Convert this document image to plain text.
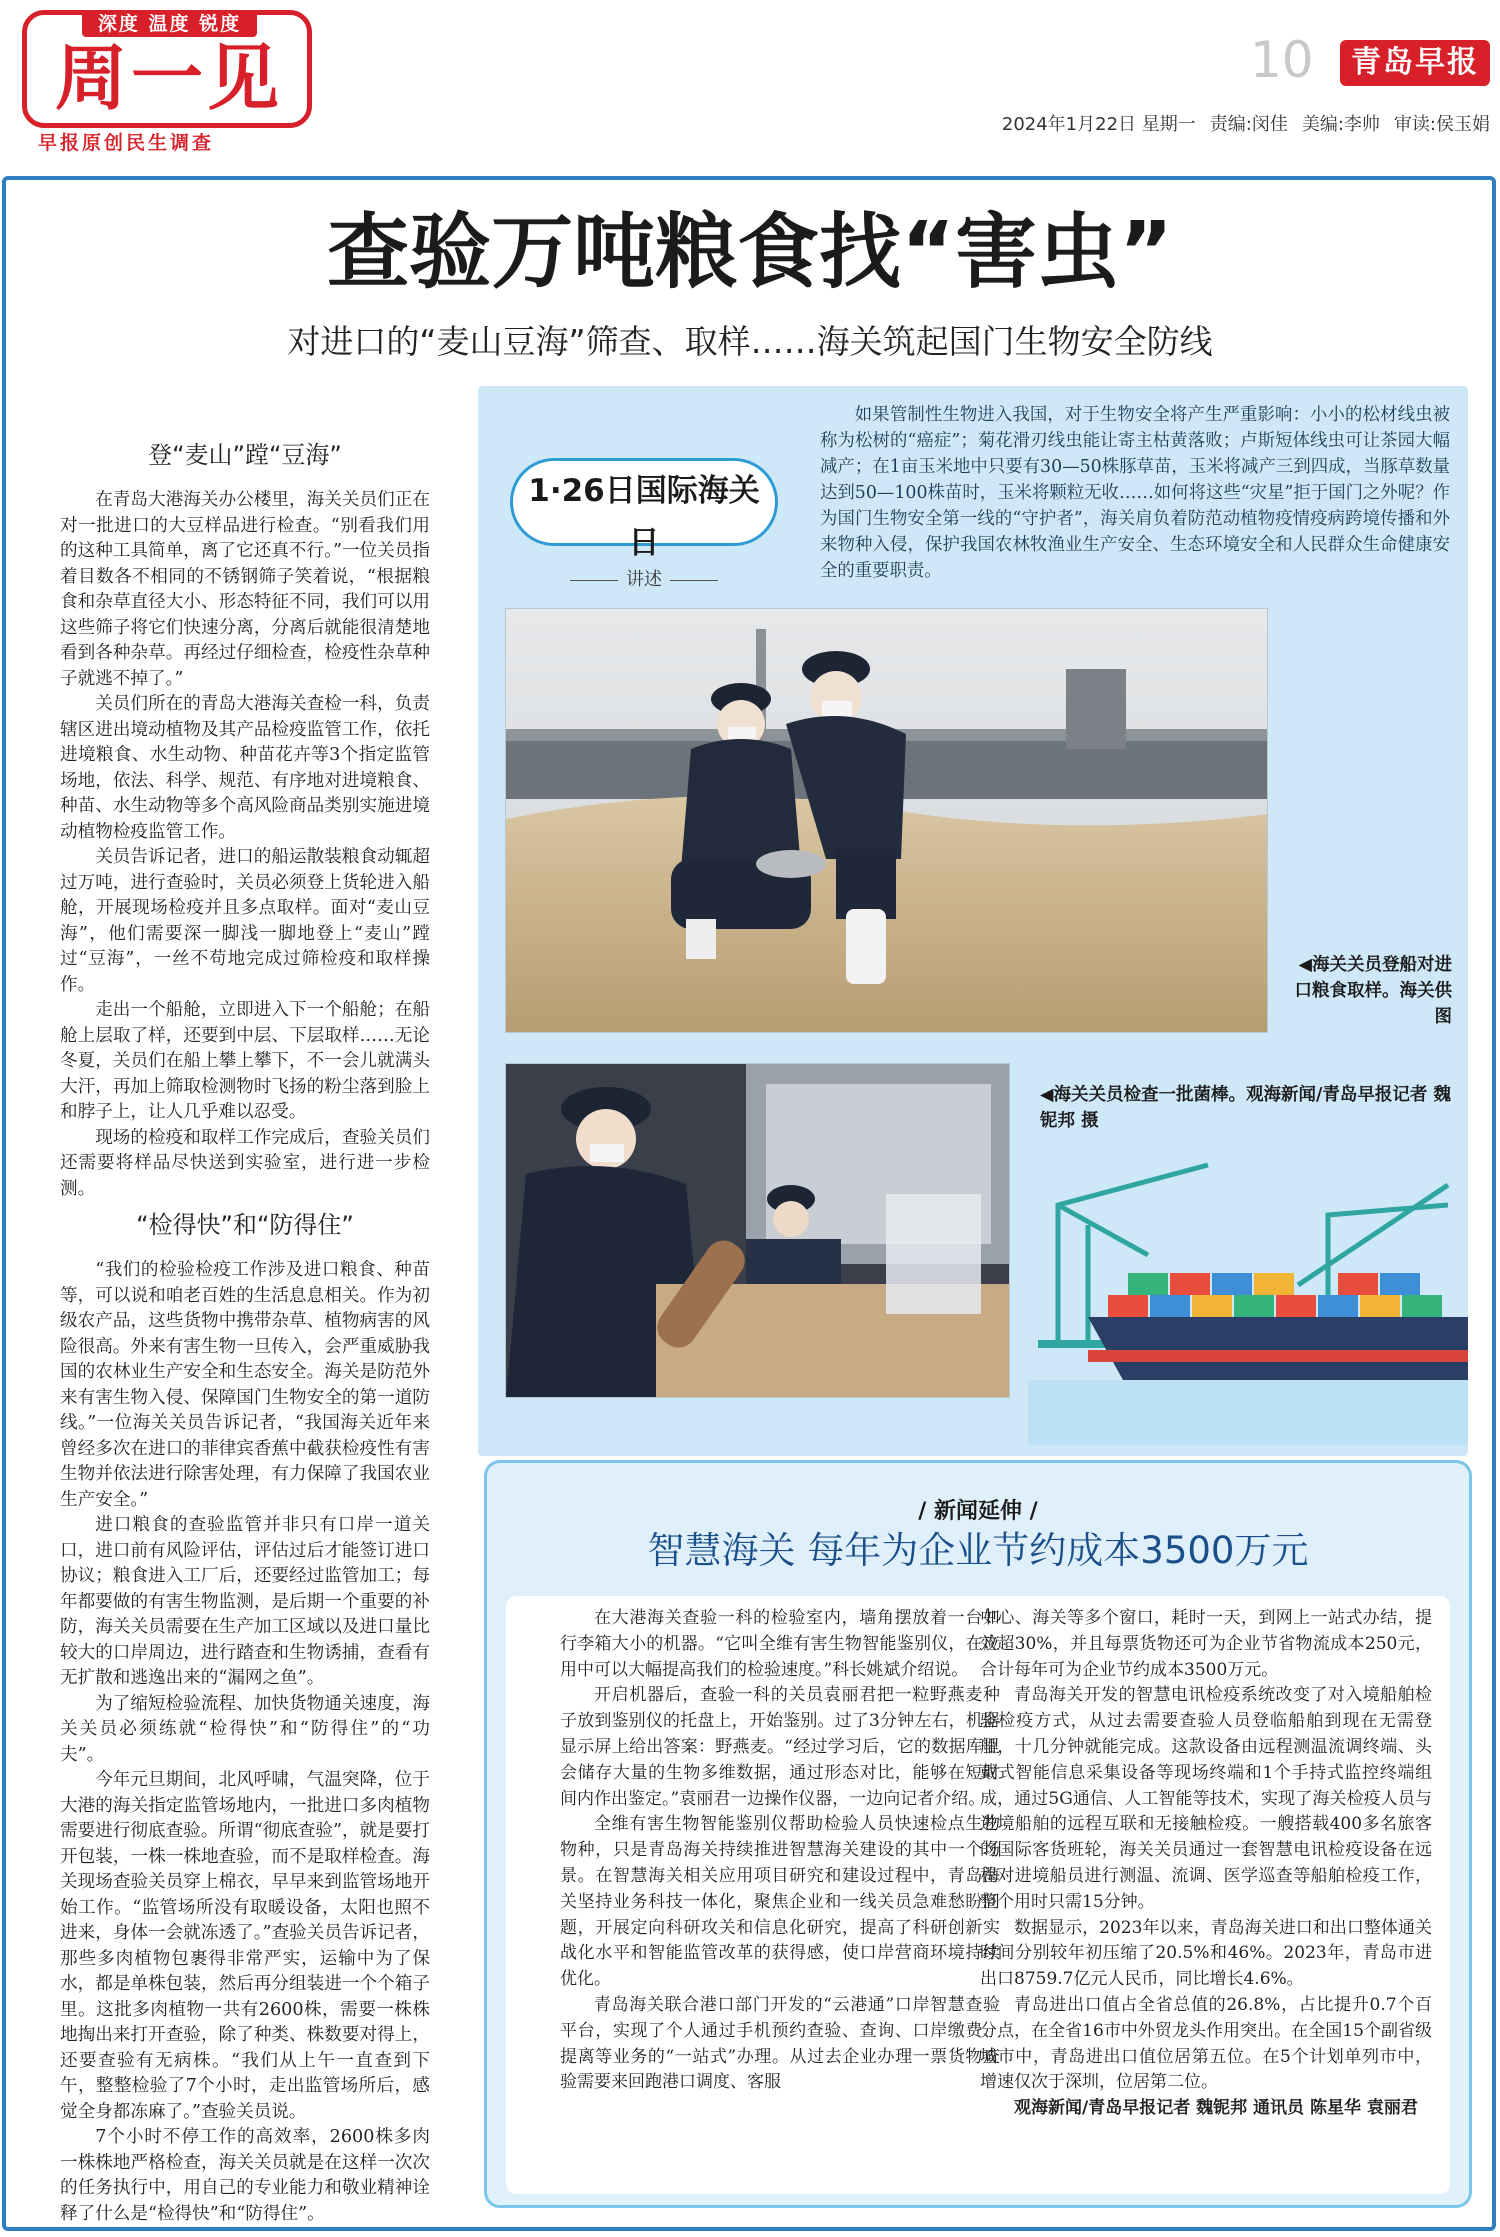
深度 温度 锐度
周一见
早报原创民生调查
10	青岛早报
2024年1月22日 星期一 责编:闵佳 美编:李帅 审读:侯玉娟
查验万吨粮食找“害虫”
对进口的“麦山豆海”筛查、取样……海关筑起国门生物安全防线
登“麦山”蹚“豆海”

在青岛大港海关办公楼里，海关关员们正在对一批进口的大豆样品进行检查。“别看我们用的这种工具简单，离了它还真不行。”一位关员指着目数各不相同的不锈钢筛子笑着说，“根据粮食和杂草直径大小、形态特征不同，我们可以用这些筛子将它们快速分离，分离后就能很清楚地看到各种杂草。再经过仔细检查，检疫性杂草种子就逃不掉了。”

关员们所在的青岛大港海关查检一科，负责辖区进出境动植物及其产品检疫监管工作，依托进境粮食、水生动物、种苗花卉等3个指定监管场地，依法、科学、规范、有序地对进境粮食、种苗、水生动物等多个高风险商品类别实施进境动植物检疫监管工作。

关员告诉记者，进口的船运散装粮食动辄超过万吨，进行查验时，关员必须登上货轮进入船舱，开展现场检疫并且多点取样。面对“麦山豆海”，他们需要深一脚浅一脚地登上“麦山”蹚过“豆海”，一丝不苟地完成过筛检疫和取样操作。

走出一个船舱，立即进入下一个船舱；在船舱上层取了样，还要到中层、下层取样……无论冬夏，关员们在船上攀上攀下，不一会儿就满头大汗，再加上筛取检测物时飞扬的粉尘落到脸上和脖子上，让人几乎难以忍受。

现场的检疫和取样工作完成后，查验关员们还需要将样品尽快送到实验室，进行进一步检测。

“检得快”和“防得住”

“我们的检验检疫工作涉及进口粮食、种苗等，可以说和咱老百姓的生活息息相关。作为初级农产品，这些货物中携带杂草、植物病害的风险很高。外来有害生物一旦传入，会严重威胁我国的农林业生产安全和生态安全。海关是防范外来有害生物入侵、保障国门生物安全的第一道防线。”一位海关关员告诉记者，“我国海关近年来曾经多次在进口的菲律宾香蕉中截获检疫性有害生物并依法进行除害处理，有力保障了我国农业生产安全。”

进口粮食的查验监管并非只有口岸一道关口，进口前有风险评估，评估过后才能签订进口协议；粮食进入工厂后，还要经过监管加工；每年都要做的有害生物监测，是后期一个重要的补防，海关关员需要在生产加工区域以及进口量比较大的口岸周边，进行踏查和生物诱捕，查看有无扩散和逃逸出来的“漏网之鱼”。

为了缩短检验流程、加快货物通关速度，海关关员必须练就“检得快”和“防得住”的“功夫”。

今年元旦期间，北风呼啸，气温突降，位于大港的海关指定监管场地内，一批进口多肉植物需要进行彻底查验。所谓“彻底查验”，就是要打开包装，一株一株地查验，而不是取样检查。海关现场查验关员穿上棉衣，早早来到监管场地开始工作。“监管场所没有取暖设备，太阳也照不进来，身体一会就冻透了。”查验关员告诉记者，那些多肉植物包裹得非常严实，运输中为了保水，都是单株包装，然后再分组装进一个个箱子里。这批多肉植物一共有2600株，需要一株株地掏出来打开查验，除了种类、株数要对得上，还要查验有无病株。“我们从上午一直查到下午，整整检验了7个小时，走出监管场所后，感觉全身都冻麻了。”查验关员说。

7个小时不停工作的高效率，2600株多肉一株株地严格检查，海关关员就是在这样一次次的任务执行中，用自己的专业能力和敬业精神诠释了什么是“检得快”和“防得住”。

1·26日国际海关日
讲述

如果管制性生物进入我国，对于生物安全将产生严重影响：小小的松材线虫被称为松树的“癌症”；菊花滑刃线虫能让寄主枯黄落败；卢斯短体线虫可让茶园大幅减产；在1亩玉米地中只要有30—50株豚草苗，玉米将减产三到四成，当豚草数量达到50—100株苗时，玉米将颗粒无收……如何将这些“灾星”拒于国门之外呢？作为国门生物安全第一线的“守护者”，海关肩负着防范动植物疫情疫病跨境传播和外来物种入侵，保护我国农林牧渔业生产安全、生态环境安全和人民群众生命健康安全的重要职责。

◀海关关员登船对进口粮食取样。海关供图
◀海关关员检查一批菌棒。观海新闻/青岛早报记者 魏铌邦 摄
/ 新闻延伸 /
智慧海关 每年为企业节约成本3500万元

在大港海关查验一科的检验室内，墙角摆放着一台如行李箱大小的机器。“它叫全维有害生物智能鉴别仪，在应用中可以大幅提高我们的检验速度。”科长姚斌介绍说。

开启机器后，查验一科的关员袁丽君把一粒野燕麦种子放到鉴别仪的托盘上，开始鉴别。过了3分钟左右，机器显示屏上给出答案：野燕麦。“经过学习后，它的数据库里会储存大量的生物多维数据，通过形态对比，能够在短时间内作出鉴定。”袁丽君一边操作仪器，一边向记者介绍。

全维有害生物智能鉴别仪帮助检验人员快速检点生物物种，只是青岛海关持续推进智慧海关建设的其中一个场景。在智慧海关相关应用项目研究和建设过程中，青岛海关坚持业务科技一体化，聚焦企业和一线关员急难愁盼问题，开展定向科研攻关和信息化研究，提高了科研创新实战化水平和智能监管改革的获得感，使口岸营商环境持续优化。

青岛海关联合港口部门开发的“云港通”口岸智慧查验平台，实现了个人通过手机预约查验、查询、口岸缴费、提离等业务的“一站式”办理。从过去企业办理一票货物查验需要来回跑港口调度、客服

中心、海关等多个窗口，耗时一天，到网上一站式办结，提效超30%，并且每票货物还可为企业节省物流成本250元，合计每年可为企业节约成本3500万元。

青岛海关开发的智慧电讯检疫系统改变了对入境船舶检验检疫方式，从过去需要查验人员登临船舶到现在无需登船，十几分钟就能完成。这款设备由远程测温流调终端、头戴式智能信息采集设备等现场终端和1个手持式监控终端组成，通过5G通信、人工智能等技术，实现了海关检疫人员与进境船舶的远程互联和无接触检疫。一艘搭载400多名旅客的国际客货班轮，海关关员通过一套智慧电讯检疫设备在远程对进境船员进行测温、流调、医学巡查等船舶检疫工作，整个用时只需15分钟。

数据显示，2023年以来，青岛海关进口和出口整体通关时间分别较年初压缩了20.5%和46%。2023年，青岛市进出口8759.7亿元人民币，同比增长4.6%。

青岛进出口值占全省总值的26.8%，占比提升0.7个百分点，在全省16市中外贸龙头作用突出。在全国15个副省级城市中，青岛进出口值位居第五位。在5个计划单列市中，增速仅次于深圳，位居第二位。

观海新闻/青岛早报记者 魏铌邦 通讯员 陈星华 袁丽君
